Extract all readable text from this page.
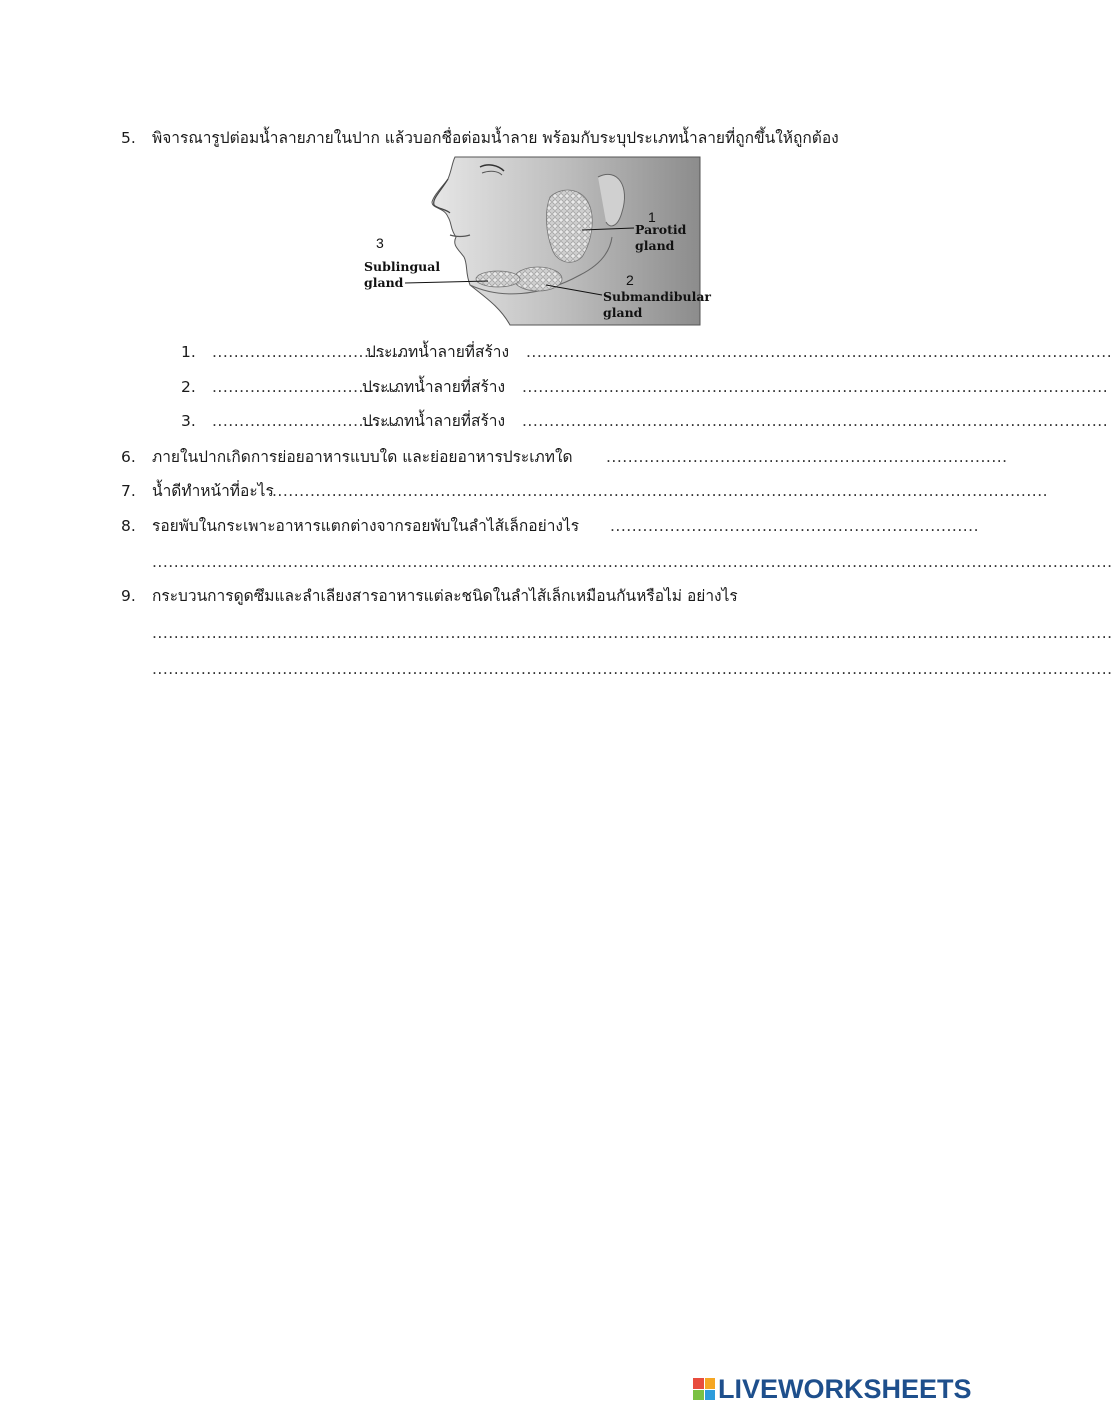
5. พิจารณารูปต่อมน้ำลายภายในปาก แล้วบอกชื่อต่อมน้ำลาย พร้อมกับระบุประเภทน้ำลายที่ถูกขึ้นให้ถูกต้อง
1
Parotid
gland
2
Submandibular
gland
3
Sublingual
gland
1. ....................................
ประเภทน้ำลายที่สร้าง ............................................................................................................
2. ...................................
ประเภทน้ำลายที่สร้าง ............................................................................................................
3. ...................................
ประเภทน้ำลายที่สร้าง ............................................................................................................
6. ภายในปากเกิดการย่อยอาหารแบบใด และย่อยอาหารประเภทใด ..........................................................................
7. น้ำดีทำหน้าที่อะไร
...............................................................................................................................................
8. รอยพับในกระเพาะอาหารแตกต่างจากรอยพับในลำไส้เล็กอย่างไร ....................................................................
.................................................................................................................................................................................
9. กระบวนการดูดซึมและลำเลียงสารอาหารแต่ละชนิดในลำไส้เล็กเหมือนกันหรือไม่ อย่างไร
.................................................................................................................................................................................
.................................................................................................................................................................................
LIVEWORKSHEETS
